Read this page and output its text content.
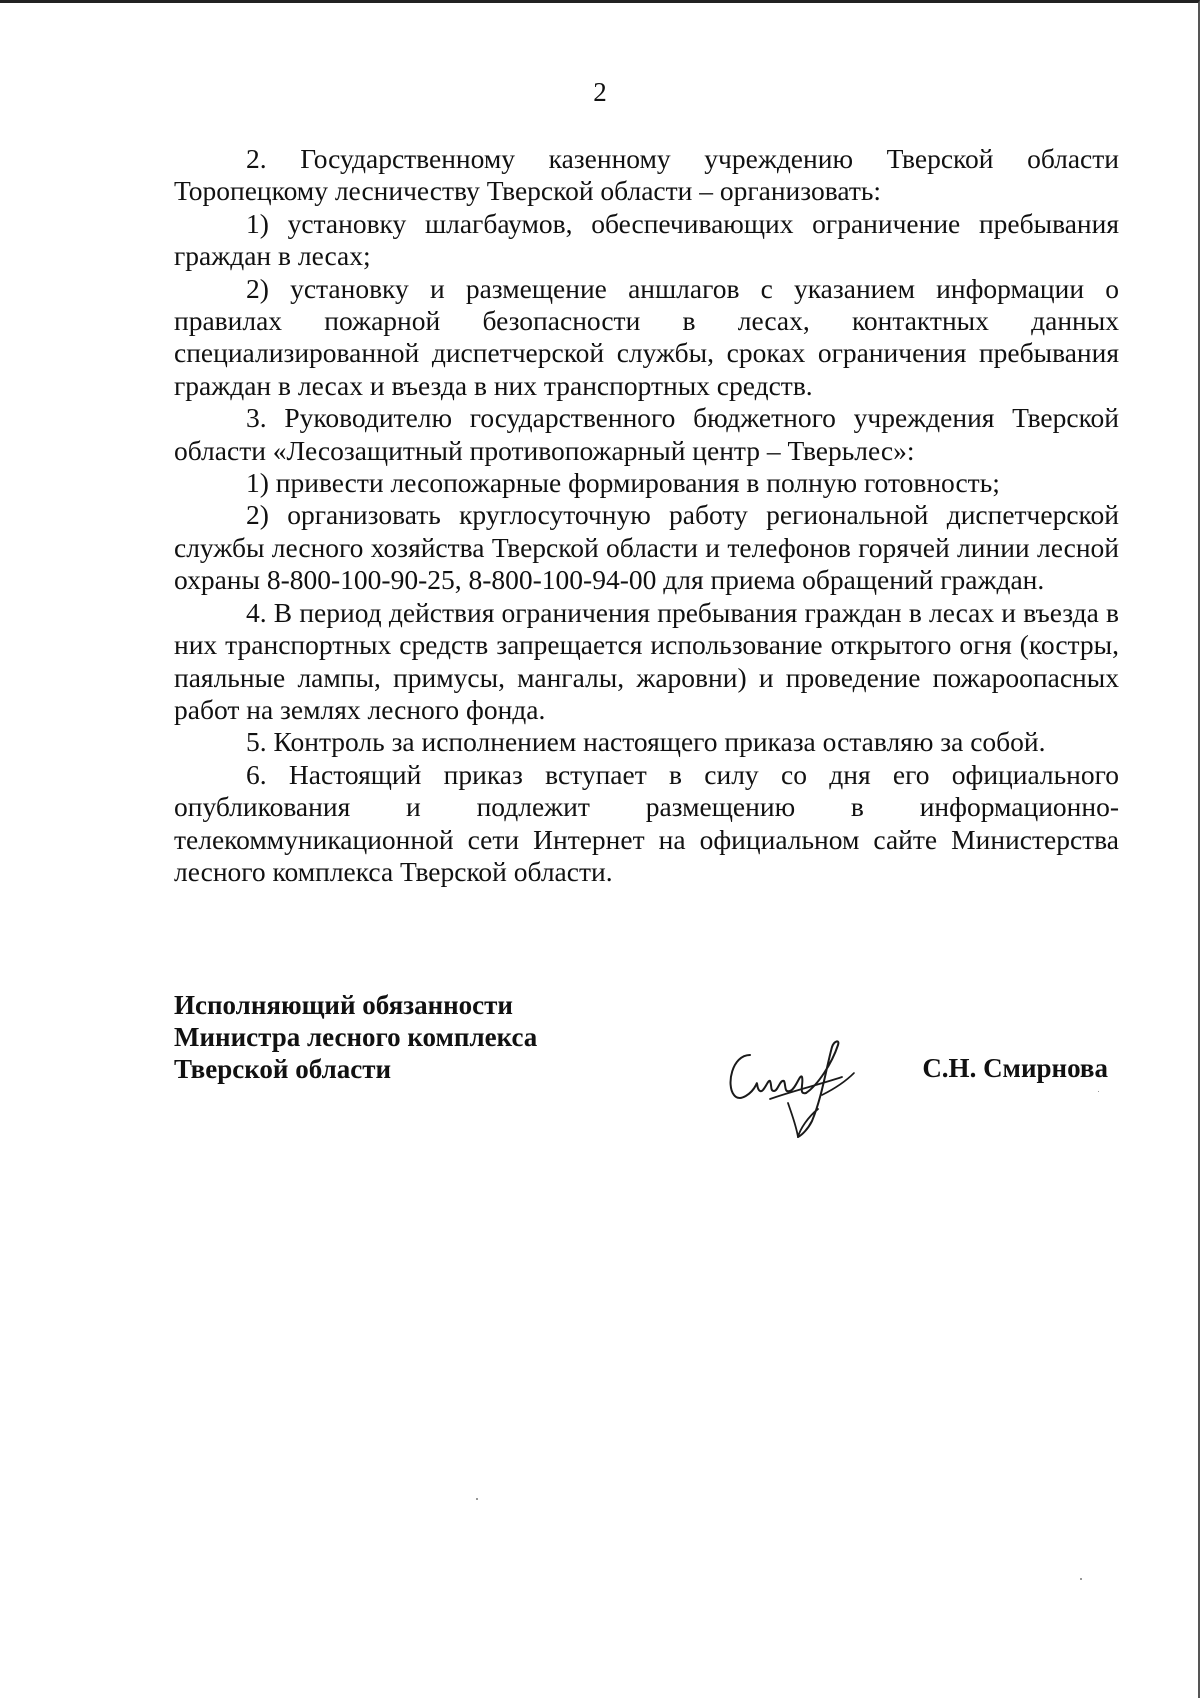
2

2. Государственному казенному учреждению Тверской области Торопецкому лесничеству Тверской области – организовать:

1) установку шлагбаумов, обеспечивающих ограничение пребывания граждан в лесах;

2) установку и размещение аншлагов с указанием информации о правилах пожарной безопасности в лесах, контактных данных специализированной диспетчерской службы, сроках ограничения пребывания граждан в лесах и въезда в них транспортных средств.

3. Руководителю государственного бюджетного учреждения Тверской области «Лесозащитный противопожарный центр – Тверьлес»:

1) привести лесопожарные формирования в полную готовность;

2) организовать круглосуточную работу региональной диспетчерской службы лесного хозяйства Тверской области и телефонов горячей линии лесной охраны 8-800-100-90-25, 8-800-100-94-00 для приема обращений граждан.

4. В период действия ограничения пребывания граждан в лесах и въезда в них транспортных средств запрещается использование открытого огня (костры, паяльные лампы, примусы, мангалы, жаровни) и проведение пожароопасных работ на землях лесного фонда.

5. Контроль за исполнением настоящего приказа оставляю за собой.

6. Настоящий приказ вступает в силу со дня его официального опубликования и подлежит размещению в информационно-телекоммуникационной сети Интернет на официальном сайте Министерства лесного комплекса Тверской области.

Исполняющий обязанности
Министра лесного комплекса
Тверской области	С.Н. Смирнова
